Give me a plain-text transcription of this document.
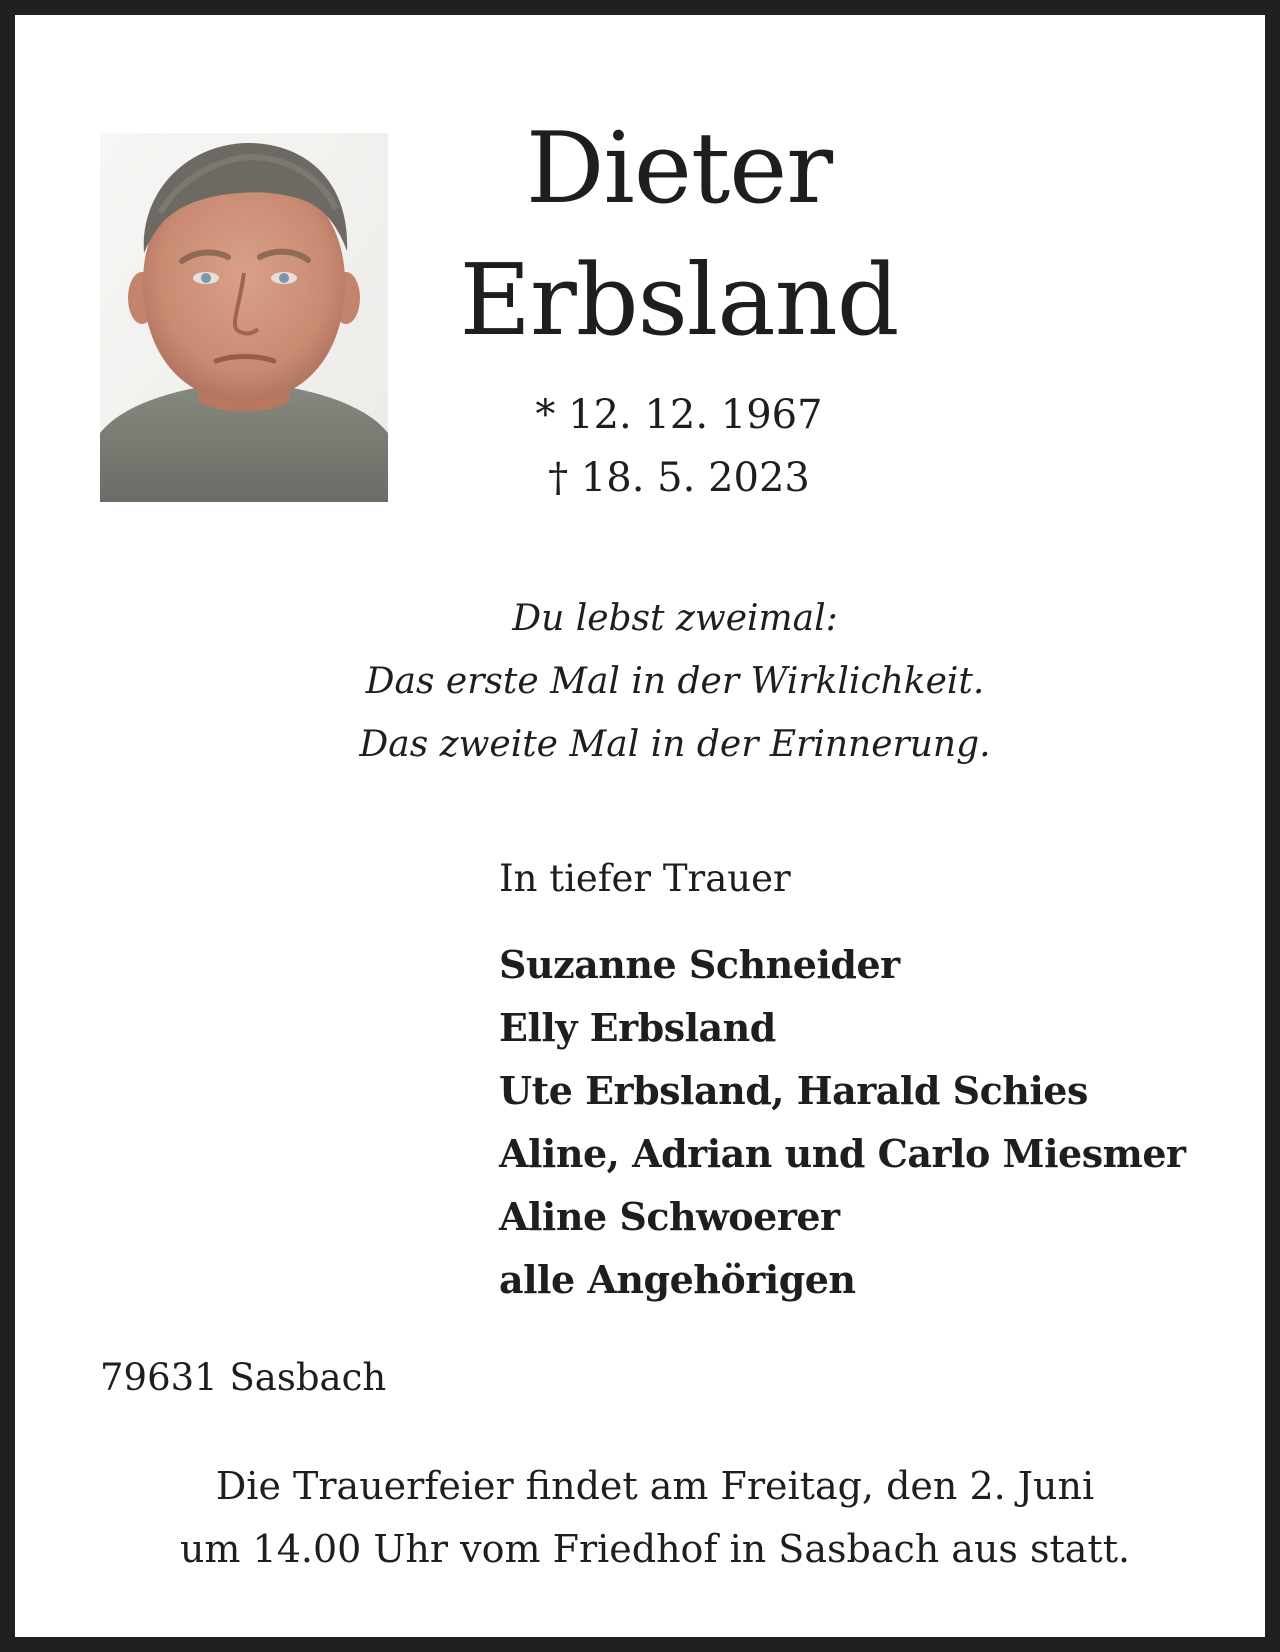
Dieter
Erbsland
* 12. 12. 1967
† 18. 5. 2023
Du lebst zweimal:
Das erste Mal in der Wirklichkeit.
Das zweite Mal in der Erinnerung.
In tiefer Trauer
Suzanne Schneider
Elly Erbsland
Ute Erbsland, Harald Schies
Aline, Adrian und Carlo Miesmer
Aline Schwoerer
alle Angehörigen
79631 Sasbach
Die Trauerfeier findet am Freitag, den 2. Juni
um 14.00 Uhr vom Friedhof in Sasbach aus statt.
